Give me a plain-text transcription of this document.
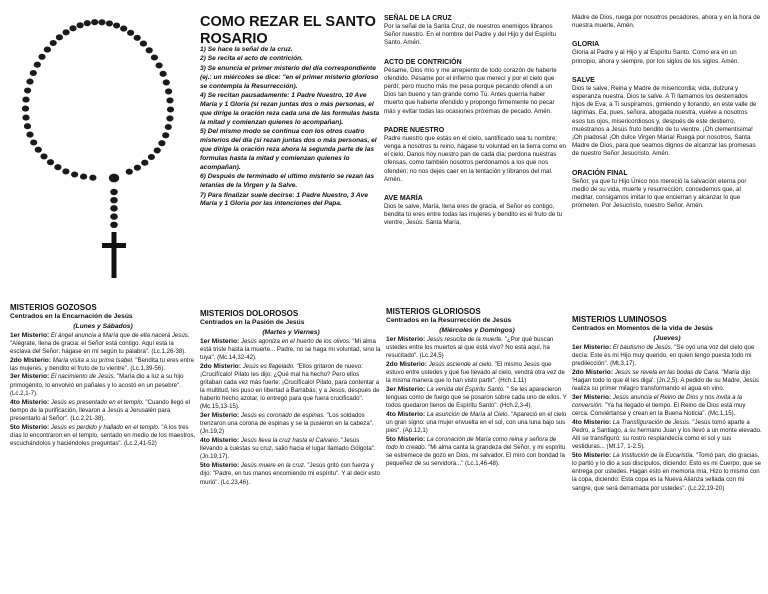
COMO REZAR EL SANTO ROSARIO

1) Se hace la señal de la cruz.

2) Se recita el acto de contrición.

3) Se enuncia el primer misterio del día correspondiente (ej.: un miércoles se dice: "en el primer misterio glorioso se contempla la Resurrección).

4) Se recitan pausadamente: 1 Padre Nuestro, 10 Ave María y 1 Gloria (si rezan juntas dos o más personas, el que dirige la oración reza cada una de las formulas hasta la mitad y comienzan quienes lo acompañan).

5) Del mismo modo se continua con los otros cuatro misterios del día (si rezan juntas dos o más personas, el que dirige la oración reza ahora la segunda parte de las formulas hasta la mitad y comienzan quienes lo acompañan).

6) Después de terminado el ultimo misterio se rezan las letanías de la Virgen y la Salve.

7) Para finalizar suele decirse: 1 Padre Nuestro, 3 Ave María y 1 Gloria por las intenciones del Papa.

SEÑAL DE LA CRUZ

Por la señal de la Santa Cruz, de nuestros enemigos líbranos Señor nuestro. En el nombre del Padre y del Hijo y del Espíritu Santo. Amén.

ACTO DE CONTRICIÓN

Pésame, Dios mío y me arrepiento de todo corazón de haberte ofendido. Pésame por el infierno que merecí y por el cielo que perdí; pero mucho más me pesa porque pecando ofendí a un Dios tan bueno y tan grande como Tú. Antes querría haber muerto que haberte ofendido y propongo firmemente no pecar más y evitar todas las ocasiones próximas de pecado. Amén.

PADRE NUESTRO

Padre nuestro que estás en el cielo, santificado sea tu nombre; venga a nosotros tu reino, hágase tu voluntad en la tierra como en el cielo. Danos hoy nuestro pan de cada día; perdona nuestras ofensas, como también nosotros perdonamos a los que nos ofenden; no nos dejes caer en la tentación y líbranos del mal. Amén.

AVE MARÍA

Dios te salve, María, llena eres de gracia, el Señor es contigo, bendita tú eres entre todas las mujeres y bendito es el fruto de tu vientre, Jesús. Santa María,

Madre de Dios, ruega por nosotros pecadores, ahora y en la hora de nuestra muerte, Amén.

GLORIA

Gloria al Padre y al Hijo y al Espíritu Santo. Como era en un principio, ahora y siempre, por los siglos de los siglos. Amén.

SALVE

Dios te salve, Reina y Madre de misericordia; vida, dulzura y esperanza nuestra. Dios te salve. A Ti llamamos los desterrados hijos de Eva; a Ti suspiramos, gimiendo y llorando, en este valle de lágrimas. Ea, pues, señora, abogada nuestra, vuelve a nosotros esos tus ojos, misericordiosos y, después de este destierro, muéstranos a Jesús fruto bendito de tu vientre. ¡Oh clementísima! ¡Oh piadosa! ¡Oh dulce Virgen María! Ruega por nosotros, Santa Madre de Dios, para que seamos dignos de alcanzar las promesas de nuestro Señor Jesucristo. Amén.

ORACIÓN FINAL

Señor, ya que tu Hijo Único nos mereció la salvación eterna por medio de su vida, muerte y resurrección; concedemos que, al meditar, consigamos imitar lo que encierran y alcanzar lo que prometen. Por Jesucristo, nuestro Señor. Amén.

MISTERIOS GOZOSOS
Centrados en la Encarnación de Jesús
(Lunes y Sábados)

1er Misterio: El ángel anuncia a María que de ella nacerá Jesús. "Alégrate, llena de gracia: el Señor está contigo. Aquí está la esclava del Señor: hágase en mí según tu palabra". (Lc.1,26-38).

2do Misterio: María visita a su prima Isabel. "Bendita tu eres entre las mujeres, y bendito el fruto de tu vientre". (Lc.1,39-56).

3er Misterio: El nacimiento de Jesús. "María dio a luz a su hijo primogénito, lo envolvió en pañales y lo acostó en un pesebre". (Lc.2,1-7).

4to Misterio: Jesús es presentado en el templo. "Cuando llegó el tiempo de la purificación, llevaron a Jesús a Jerusalén para presentarlo al Señor". (Lc.2,21-38).

5to Misterio: Jesús es perdido y hallado en el templo. "A los tres días lo encontraron en el templo, sentado en medio de los maestros, escuchándolos y haciéndoles preguntas". (Lc.2,41-52)

MISTERIOS DOLOROSOS
Centrados en la Pasión de Jesús
(Martes y Viernes)

1er Misterio: Jesús agoniza en el huerto de los olivos. "Mi alma está triste hasta la muerte... Padre, no se haga mi voluntad, sino la tuya". (Mc.14,32-42).

2do Misterio: Jesús es flagelado. "Ellos gritaron de nuevo: ¡Crucifícalo! Pilato les dijo: ¿Qué mal ha hecho? Pero ellos gritaban cada vez más fuerte: ¡Crucifícalo! Pilato, para contentar a la multitud, les puso en libertad a Barrabás; y a Jesús, después de haberlo hecho azotar, lo entregó para que fuera crucificado". (Mc.15,13-15).

3er Misterio: Jesús es coronado de espinas. "Los soldados trenzaron una corona de espinas y se la pusieron en la cabeza". (Jn.19,2)

4to Misterio: Jesús lleva la cruz hasta el Calvario. "Jesús llevando a cuestas su cruz, salió hacia el lugar llamado Gólgota". (Jn.19,17).

5to Misterio: Jesús muere en la cruz. "Jesús gritó con fuerza y dijo: "Padre, en tus manos encomiendo mi espíritu". Y al decir esto murió". (Lc.23,46).

MISTERIOS GLORIOSOS
Centrados en la Resurrección de Jesús
(Miércoles y Domingos)

1er Misterio: Jesús resucita de la muerte. "¿Por qué buscan ustedes entre los muertos al que está vivo? No está aquí, ha resucitado". (Lc.24,5)

2do Misterio: Jesús asciende al cielo. "El mismo Jesús que estuvo entre ustedes y que fue llevado al cielo, vendrá otra vez de la misma manera que lo han visto partir". (Hch.1,11)

3er Misterio: La venida del Espíritu Santo. " Se les aparecieron lenguas como de fuego que se posaron sobre cada uno de ellos. Y todos quedaron llenos de Espíritu Santo". (Hch.2,3-4).

4to Misterio: La asunción de María al Cielo. "Apareció en el cielo un gran signo: una mujer envuelta en el sol, con una luna bajo sus pies". (Ap.12,1)

5to Misterio: La coronación de María como reina y señora de todo lo creado. "Mi alma canta la grandeza del Señor, y mi espíritu se estremece de gozo en Dios, mi salvador. El miró con bondad la pequeñez de su servidora..." (Lc.1,46-48).

MISTERIOS LUMINOSOS
Centrados en Momentos de la vida de Jesús
(Jueves)

1er Misterio: El bautismo de Jesús. "Se oyó una voz del cielo que decía: Este es mi Hijo muy querido, en quien tengo puesta todo mi predilección". (Mt.3,17).

2do Misterio: Jesús se revela en las bodas de Caná. "María dijo 'Hagan todo lo que él les diga'. (Jn.2,5). A pedido de su Madre, Jesús realiza su primer milagro transformando el agua en vino.

3er Misterio: Jesús anuncia el Reino de Dios y nos invita a la conversión. "Ya ha llegado el tiempo. El Reino de Dios está muy cerca. Conviértanse y crean en la Buena Noticia". (Mc.1,15).

4to Misterio: La Transfiguración de Jesús. "Jesús tomó aparte a Pedro, a Santiago, a su hermano Juan y los llevó a un monte elevado. Allí se transfiguró: su rostro resplandecía como el sol y sus vestiduras... (Mt.17, 1-2.5).

5to Misterio: La Institución de la Eucaristía. "Tomó pan, dio gracias, lo partió y lo dio a sus discípulos, diciendo: Esto es mi Cuerpo, que se entrega por ustedes. Hagan esto en memoria mía. Hizo lo mismo con la copa, diciendo: Esta copa es la Nueva Alianza sellada con mi sangre, que será derramada por ustedes". (Lc.22,19-20)
